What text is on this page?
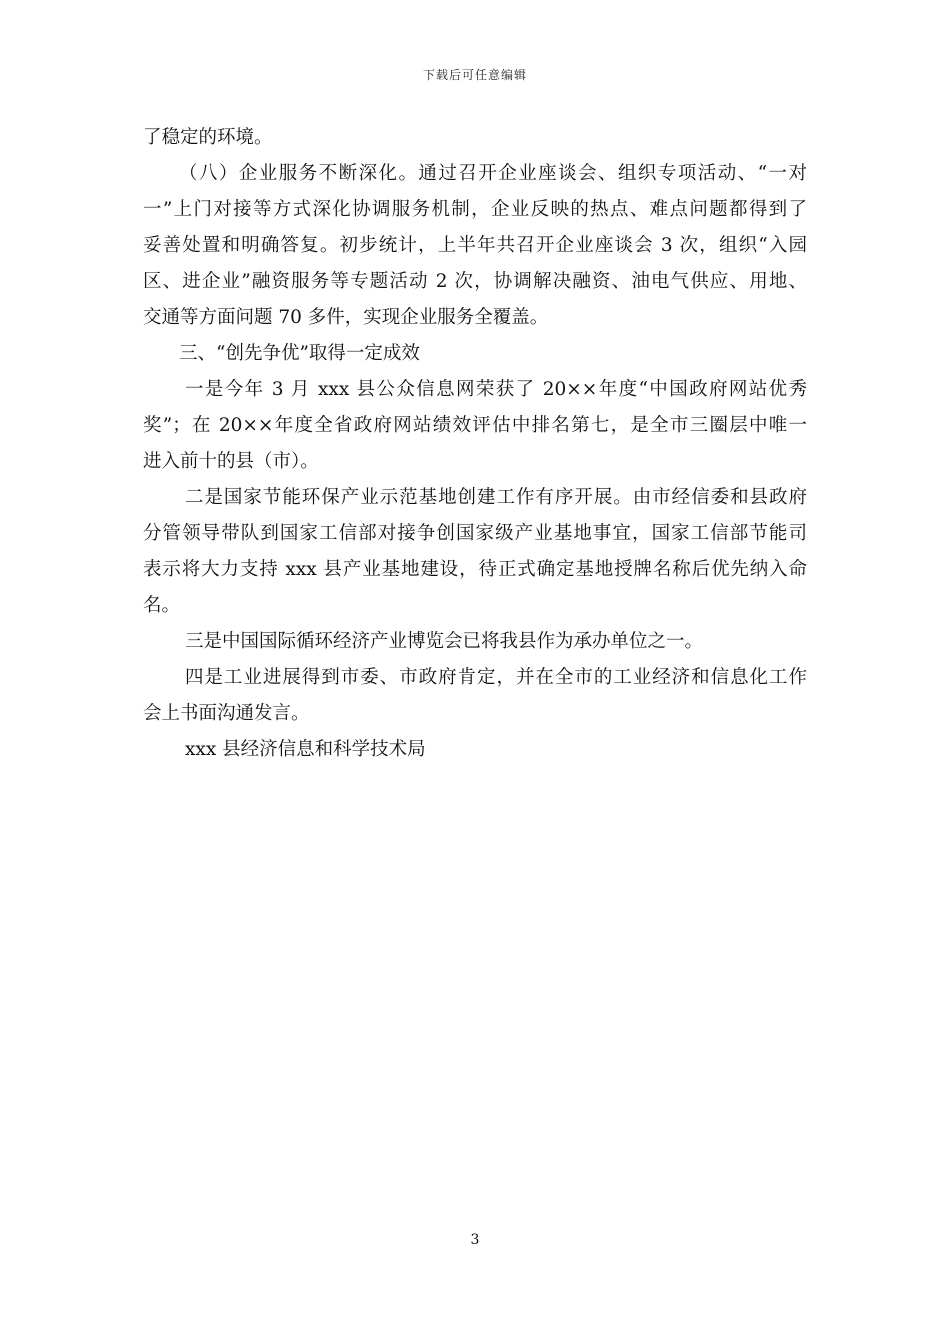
下载后可任意编辑
了稳定的环境。
（八）企业服务不断深化。通过召开企业座谈会、组织专项活动、“一对
一”上门对接等方式深化协调服务机制，企业反映的热点、难点问题都得到了
妥善处置和明确答复。初步统计，上半年共召开企业座谈会 3 次，组织“入园
区、进企业”融资服务等专题活动 2 次，协调解决融资、油电气供应、用地、
交通等方面问题 70 多件，实现企业服务全覆盖。
三、“创先争优”取得一定成效
一是今年 3 月 xxx 县公众信息网荣获了 20××年度“中国政府网站优秀
奖”；在 20××年度全省政府网站绩效评估中排名第七，是全市三圈层中唯一
进入前十的县（市）。
二是国家节能环保产业示范基地创建工作有序开展。由市经信委和县政府
分管领导带队到国家工信部对接争创国家级产业基地事宜，国家工信部节能司
表示将大力支持 xxx 县产业基地建设，待正式确定基地授牌名称后优先纳入命
名。
三是中国国际循环经济产业博览会已将我县作为承办单位之一。
四是工业进展得到市委、市政府肯定，并在全市的工业经济和信息化工作
会上书面沟通发言。
xxx 县经济信息和科学技术局
3
